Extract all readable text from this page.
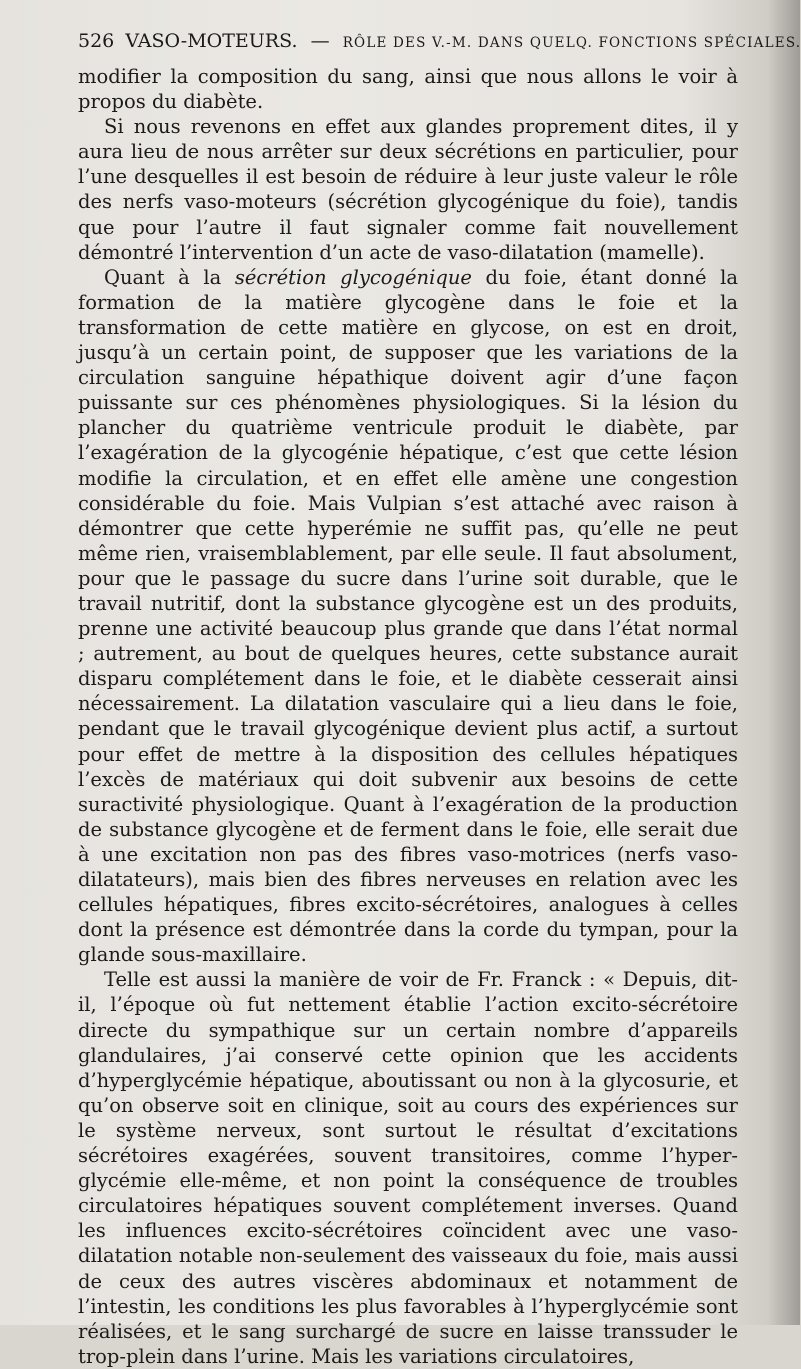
526 VASO-MOTEURS. — RÔLE DES V.-M. DANS QUELQ. FONCTIONS SPÉCIALES.

modifier la composition du sang, ainsi que nous allons le voir à propos du diabète.

Si nous revenons en effet aux glandes proprement dites, il y aura lieu de nous arrêter sur deux sécrétions en particulier, pour l’une desquelles il est besoin de réduire à leur juste valeur le rôle des nerfs vaso-moteurs (sécrétion glycogénique du foie), tandis que pour l’autre il faut signaler comme fait nouvellement démontré l’intervention d’un acte de vaso-dilatation (mamelle).

Quant à la sécrétion glycogénique du foie, étant donné la formation de la matière glycogène dans le foie et la transformation de cette matière en glycose, on est en droit, jusqu’à un certain point, de supposer que les variations de la circulation sanguine hépathique doivent agir d’une façon puissante sur ces phénomènes physiologiques. Si la lésion du plancher du quatrième ventricule produit le diabète, par l’exagération de la glycogénie hépatique, c’est que cette lésion modifie la circulation, et en effet elle amène une congestion considérable du foie. Mais Vulpian s’est attaché avec raison à démontrer que cette hyperémie ne suffit pas, qu’elle ne peut même rien, vraisemblablement, par elle seule. Il faut absolument, pour que le passage du sucre dans l’urine soit durable, que le travail nutritif, dont la substance glycogène est un des produits, prenne une activité beaucoup plus grande que dans l’état normal ; autrement, au bout de quelques heures, cette substance aurait disparu complétement dans le foie, et le diabète cesserait ainsi nécessairement. La dilatation vasculaire qui a lieu dans le foie, pendant que le travail glycogénique devient plus actif, a surtout pour effet de mettre à la disposition des cellules hépatiques l’excès de matériaux qui doit subvenir aux besoins de cette suractivité physiologique. Quant à l’exagération de la production de substance glycogène et de ferment dans le foie, elle serait due à une excitation non pas des fibres vaso-motrices (nerfs vaso-dilatateurs), mais bien des fibres nerveuses en relation avec les cellules hépatiques, fibres excito-sécrétoires, analogues à celles dont la présence est démontrée dans la corde du tympan, pour la glande sous-maxillaire.

Telle est aussi la manière de voir de Fr. Franck : « Depuis, dit-il, l’époque où fut nettement établie l’action excito-sécrétoire directe du sympathique sur un certain nombre d’appareils glandulaires, j’ai conservé cette opinion que les accidents d’hyperglycémie hépatique, aboutissant ou non à la glycosurie, et qu’on observe soit en clinique, soit au cours des expériences sur le système nerveux, sont surtout le résultat d’excitations sécrétoires exagérées, souvent transitoires, comme l’hyperglycémie elle-même, et non point la conséquence de troubles circulatoires hépatiques souvent complétement inverses. Quand les influences excito-sécrétoires coïncident avec une vaso-dilatation notable non-seulement des vaisseaux du foie, mais aussi de ceux des autres viscères abdominaux et notamment de l’intestin, les conditions les plus favorables à l’hyperglycémie sont réalisées, et le sang surchargé de sucre en laisse transsuder le trop-plein dans l’urine. Mais les variations circulatoires,
